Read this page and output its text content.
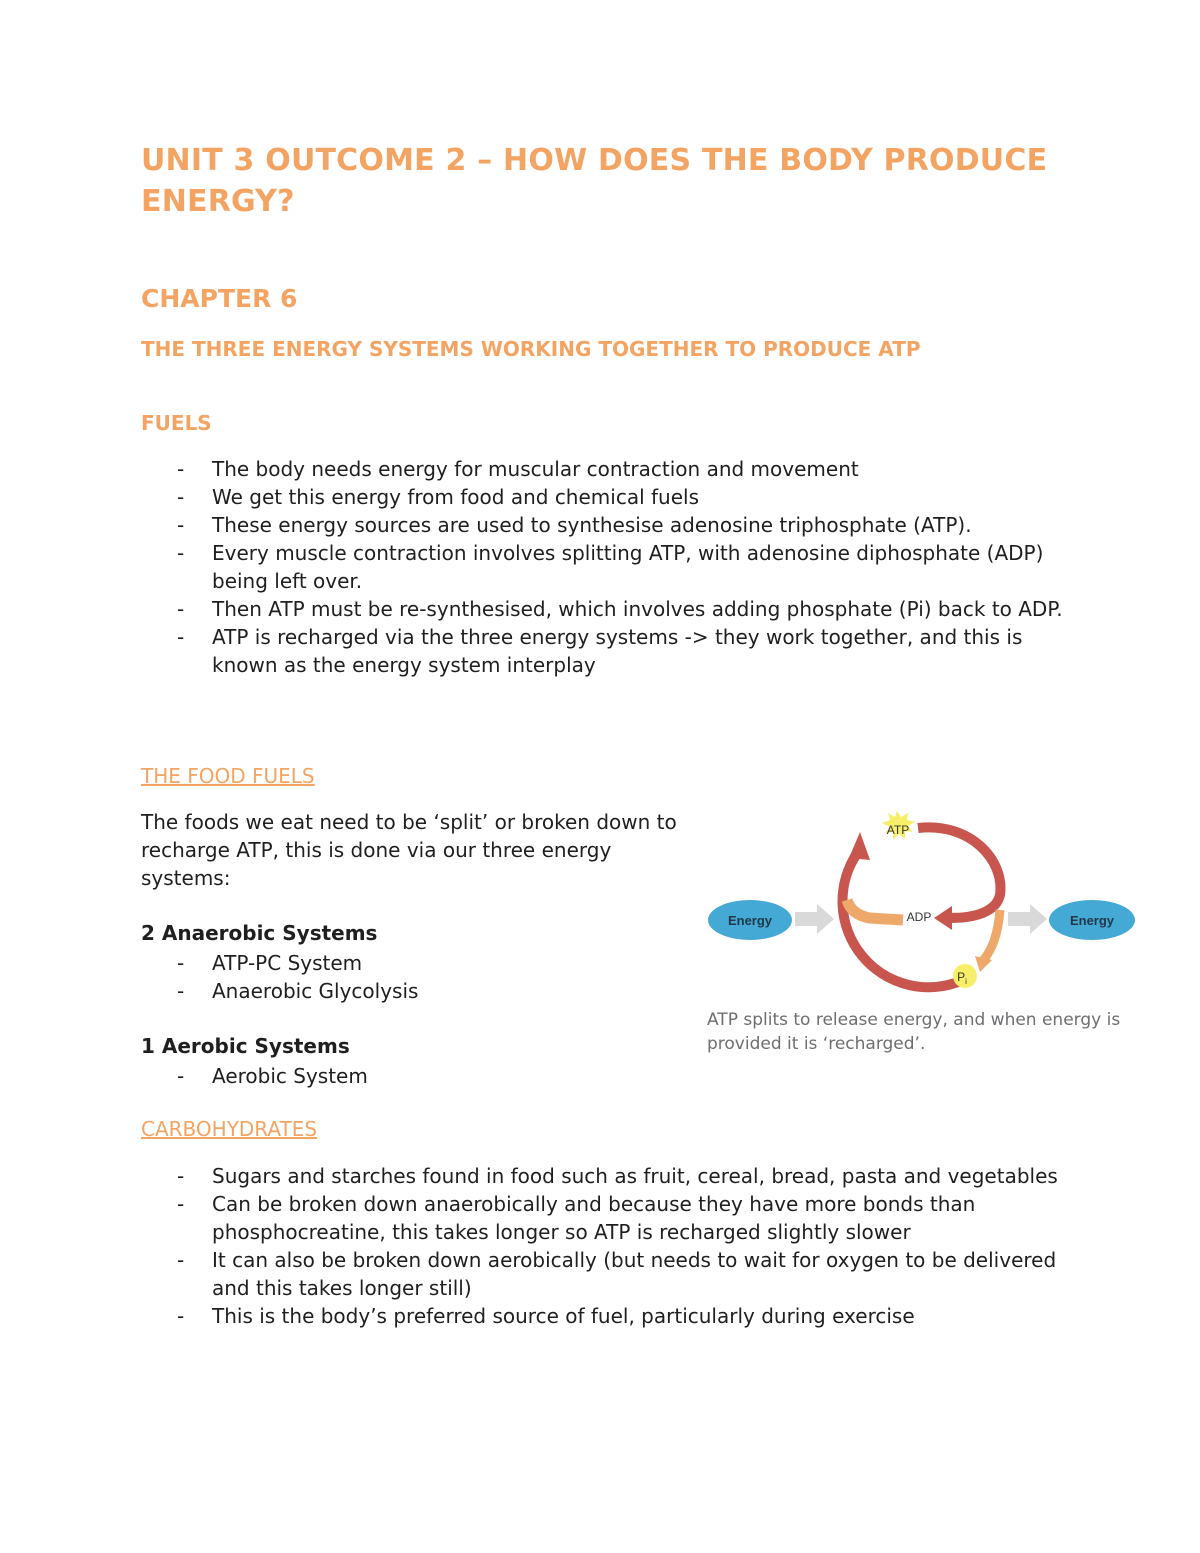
UNIT 3 OUTCOME 2 – HOW DOES THE BODY PRODUCE ENERGY?
CHAPTER 6
THE THREE ENERGY SYSTEMS WORKING TOGETHER TO PRODUCE ATP
FUELS
- The body needs energy for muscular contraction and movement
- We get this energy from food and chemical fuels
- These energy sources are used to synthesise adenosine triphosphate (ATP).
- Every muscle contraction involves splitting ATP, with adenosine diphosphate (ADP) being left over.
- Then ATP must be re-synthesised, which involves adding phosphate (Pi) back to ADP.
- ATP is recharged via the three energy systems -> they work together, and this is known as the energy system interplay
THE FOOD FUELS
The foods we eat need to be ‘split’ or broken down to recharge ATP, this is done via our three energy systems:
2 Anaerobic Systems
- ATP-PC System
- Anaerobic Glycolysis
1 Aerobic Systems
- Aerobic System
Energy	Energy
ATP
ADP
$P_i$
ATP splits to release energy, and when energy is provided it is ‘recharged’.
CARBOHYDRATES
- Sugars and starches found in food such as fruit, cereal, bread, pasta and vegetables
- Can be broken down anaerobically and because they have more bonds than phosphocreatine, this takes longer so ATP is recharged slightly slower
- It can also be broken down aerobically (but needs to wait for oxygen to be delivered and this takes longer still)
- This is the body’s preferred source of fuel, particularly during exercise
